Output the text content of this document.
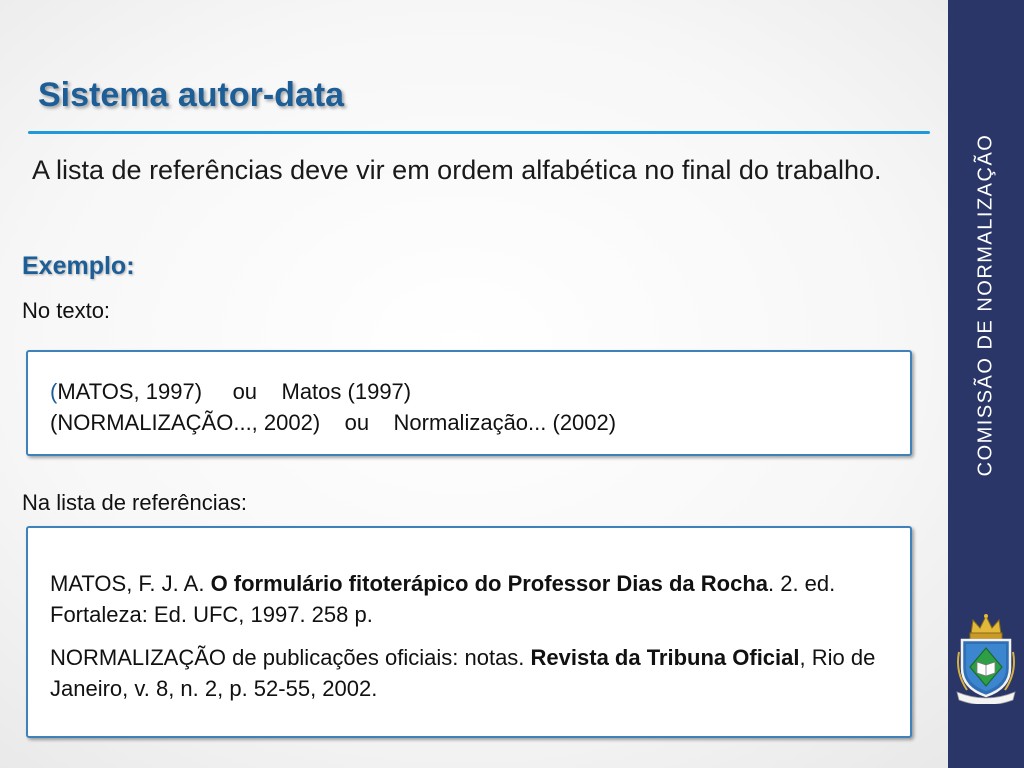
Sistema autor-data

A lista de referências deve vir em ordem alfabética no final do trabalho.

Exemplo:

No texto:

(MATOS, 1997)     ou    Matos (1997)
(NORMALIZAÇÃO..., 2002)    ou    Normalização... (2002)

Na lista de referências:

MATOS, F. J. A. O formulário fitoterápico do Professor Dias da Rocha. 2. ed. Fortaleza: Ed. UFC, 1997. 258 p.

NORMALIZAÇÃO de publicações oficiais: notas. Revista da Tribuna Oficial, Rio de Janeiro, v. 8, n. 2, p. 52-55, 2002.

COMISSÃO DE NORMALIZAÇÃO
